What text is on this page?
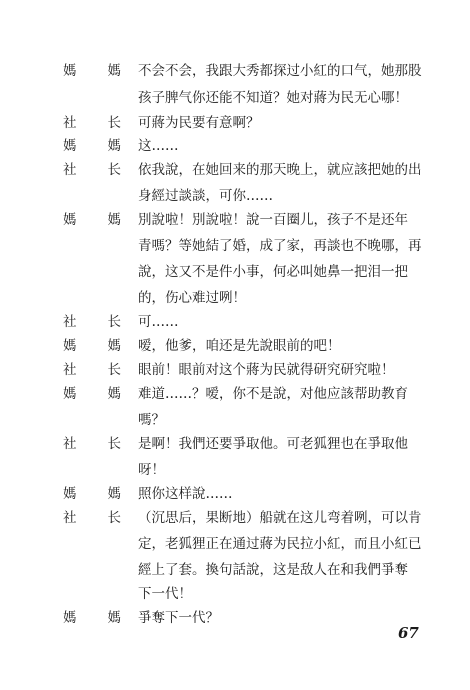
媽 媽 不会不会，我跟大秀都探过小紅的口气，她那股
孩子脾气你还能不知道？她对蔣为民无心哪！
社 长 可蔣为民要有意啊？
媽 媽 这……
社 长 依我說，在她回来的那天晚上，就应該把她的出
身經过談談，可你……
媽 媽 別說啦！別說啦！說一百圈儿，孩子不是还年
青嗎？等她結了婚，成了家，再談也不晚哪，再
說，这又不是件小事，何必叫她鼻一把泪一把
的，伤心难过咧！
社 长 可……
媽 媽 嗳，他爹，咱还是先說眼前的吧！
社 长 眼前！眼前对这个蔣为民就得研究研究啦！
媽 媽 难道……？嗳，你不是說，对他应該帮助教育
嗎？
社 长 是啊！我們还要爭取他。可老狐狸也在爭取他
呀！
媽 媽 照你这样說……
社 长 （沉思后，果断地）船就在这儿弯着咧，可以肯
定，老狐狸正在通过蔣为民拉小紅，而且小紅已
經上了套。換句話說，这是敌人在和我們爭奪
下一代！
媽 媽 爭奪下一代？
67
